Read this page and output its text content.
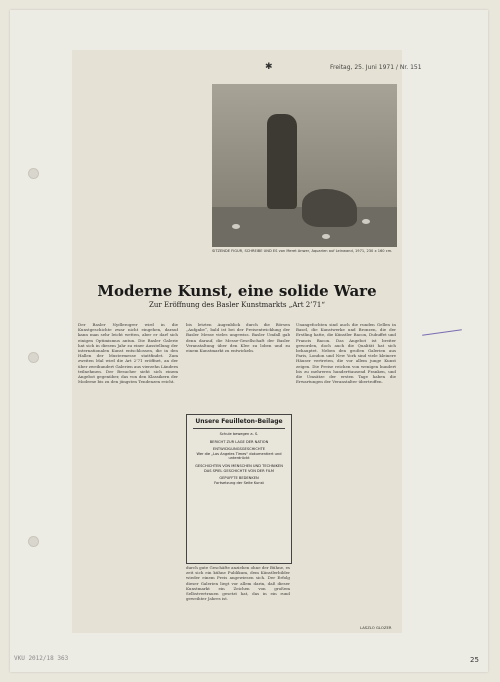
✱	Freitag, 25. Juni 1971 / Nr. 151
SITZENDE FIGUR, SCHREIBE UND ES von Meret Anwer, Aquarien auf Leinwand, 1971, 230 x 160 cm.
Moderne Kunst, eine solide Ware
Zur Eröffnung des Basler Kunstmarkts „Art 2’71“
Der Basler Nydlerogrer wird in die Kunstgeschichte zwar nicht eingehen, darauf kann man sehr leicht wetten, aber er darf sich einigen Optimismus antun. Die Basler Galerie hat sich in diesem Jahr zu einer Ausstellung der internationalen Kunst entschlossen, die in den Hallen der Mustermesse stattfindet. Zum zweiten Mal wird die Art 2’71 eröffnet, an der über zweihundert Galerien aus vierzehn Ländern teilnehmen. Der Besucher sieht sich einem Angebot gegenüber, das von den Klassikern der Moderne bis zu den jüngsten Tendenzen reicht.
bis letzten Augenblick durch die Börsen „Aufgabe“, bald ist bei der Preisentwicklung der Basler Messe vieles ungewiss. Basler Umfall gab denn darauf, die Messe-Gesellschaft der Basler Veranstaltung über den Klee zu loben und zu einem Kunstmarkt zu entwickeln.
Unsere Feuilleton-Beilage
Schule bewegen a. S.
BERICHT ZUR LAGE DER NATION
ENTWICKLUNGSGESCHICHTE
Wer die „Los Angeles Times“ dokumentiert und unterdrückt
GESCHICHTEN VON MENSCHEN UND TECHNIKEN
DAS SPIEL GESCHICHTE VON DER FILM
GEPUFFTE BEDENKEN
Fortsetzung der Seite Kunst
durch gute Geschäfte anziehen ohne der Bühne, es zeit sich ein kühne Publikum, dem Künstlerbilder wieder einem Preis angewiesen sich. Der Erfolg dieser Galerien liegt vor allem darin, daß dieser Kunstmarkt ein Zeichen von großem Selbstvertrauen gesetzt hat, das in ein rund geweihter Jahres ist.
Unangefochten sind auch die runden Gellen in Basel, die Kunstwerke und Bronzen, die der Erstling hatte, die Künstler Bacon, Dubuffet und Francis Bacon. Das Angebot ist breiter geworden, doch auch die Qualität hat sich behauptet. Neben den großen Galerien aus Paris, London und New York sind viele kleinere Häuser vertreten, die vor allem junge Kunst zeigen. Die Preise reichen von wenigen hundert bis zu mehreren hunderttausend Franken, und die Umsätze der ersten Tage haben die Erwartungen der Veranstalter übertroffen.
LASZLO GLOZER
VKU 2012/18 363	25
